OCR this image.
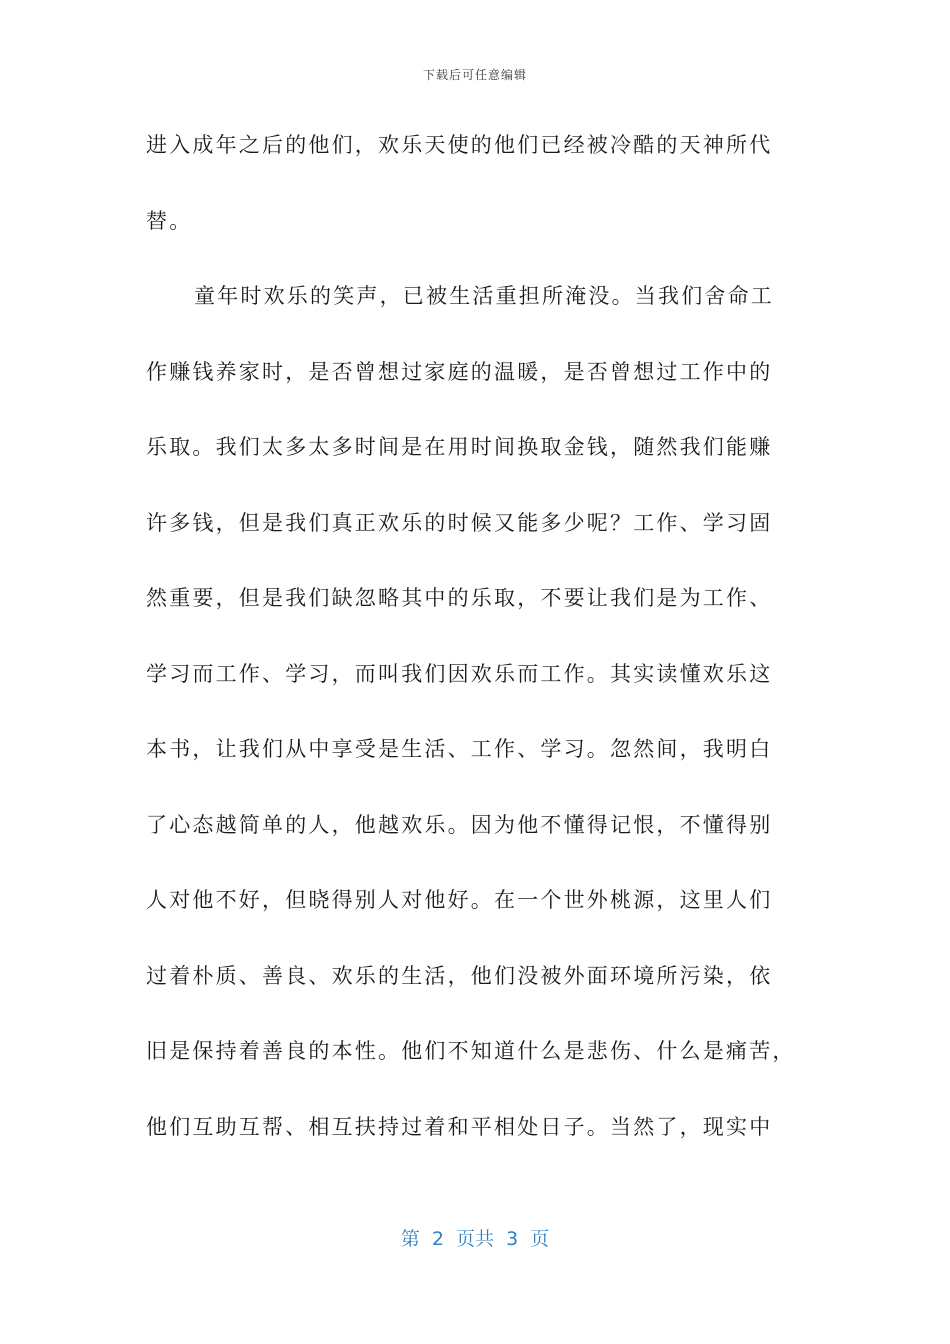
下载后可任意编辑
进入成年之后的他们，欢乐天使的他们已经被冷酷的天神所代
替。
童年时欢乐的笑声，已被生活重担所淹没。当我们舍命工
作赚钱养家时，是否曾想过家庭的温暖，是否曾想过工作中的
乐取。我们太多太多时间是在用时间换取金钱，随然我们能赚
许多钱，但是我们真正欢乐的时候又能多少呢？工作、学习固
然重要，但是我们缺忽略其中的乐取，不要让我们是为工作、
学习而工作、学习，而叫我们因欢乐而工作。其实读懂欢乐这
本书，让我们从中享受是生活、工作、学习。忽然间，我明白
了心态越简单的人，他越欢乐。因为他不懂得记恨，不懂得别
人对他不好，但晓得别人对他好。在一个世外桃源，这里人们
过着朴质、善良、欢乐的生活，他们没被外面环境所污染，依
旧是保持着善良的本性。他们不知道什么是悲伤、什么是痛苦，
他们互助互帮、相互扶持过着和平相处日子。当然了，现实中
第  2  页共  3  页
